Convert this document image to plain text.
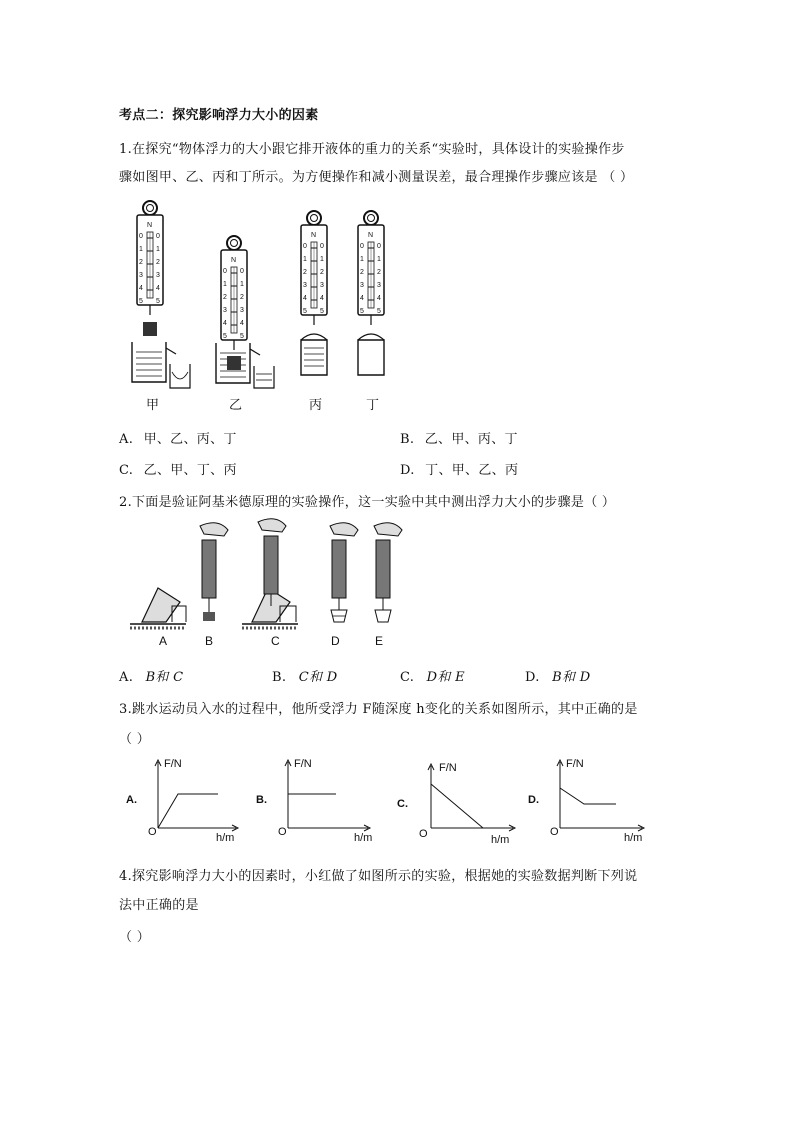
考点二：探究影响浮力大小的因素
1.在探究“物体浮力的大小跟它排开液体的重力的关系“实验时，具体设计的实验操作步
骤如图甲、乙、丙和丁所示。为方便操作和减小测量误差，最合理操作步骤应该是 （ ）
甲	乙	丙	丁
A. 甲、乙、丙、丁	B. 乙、甲、丙、丁
C. 乙、甲、丁、丙	D. 丁、甲、乙、丙
2.下面是验证阿基米德原理的实验操作，这一实验中其中测出浮力大小的步骤是（ ）
A	B	C	D	E
A. B和 C	B. C和 D	C. D和 E	D. B和 D
3.跳水运动员入水的过程中，他所受浮力 F随深度 h变化的关系如图所示，其中正确的是
（ ）
A.
F/N
O	h/m
B.
F/N
O	h/m
C.
F/N
O	h/m
D.
F/N
O	h/m
4.探究影响浮力大小的因素时，小红做了如图所示的实验，根据她的实验数据判断下列说
法中正确的是
（ ）
N
0 0
1 1
2 2
3 3
4 4
5 5
N
0 0
1 1
2 2
3 3
4 4
5 5
N
0 0
1 1
2 2
3 3
4 4
5 5
N
0 0
1 1
2 2
3 3
4 4
5 5
